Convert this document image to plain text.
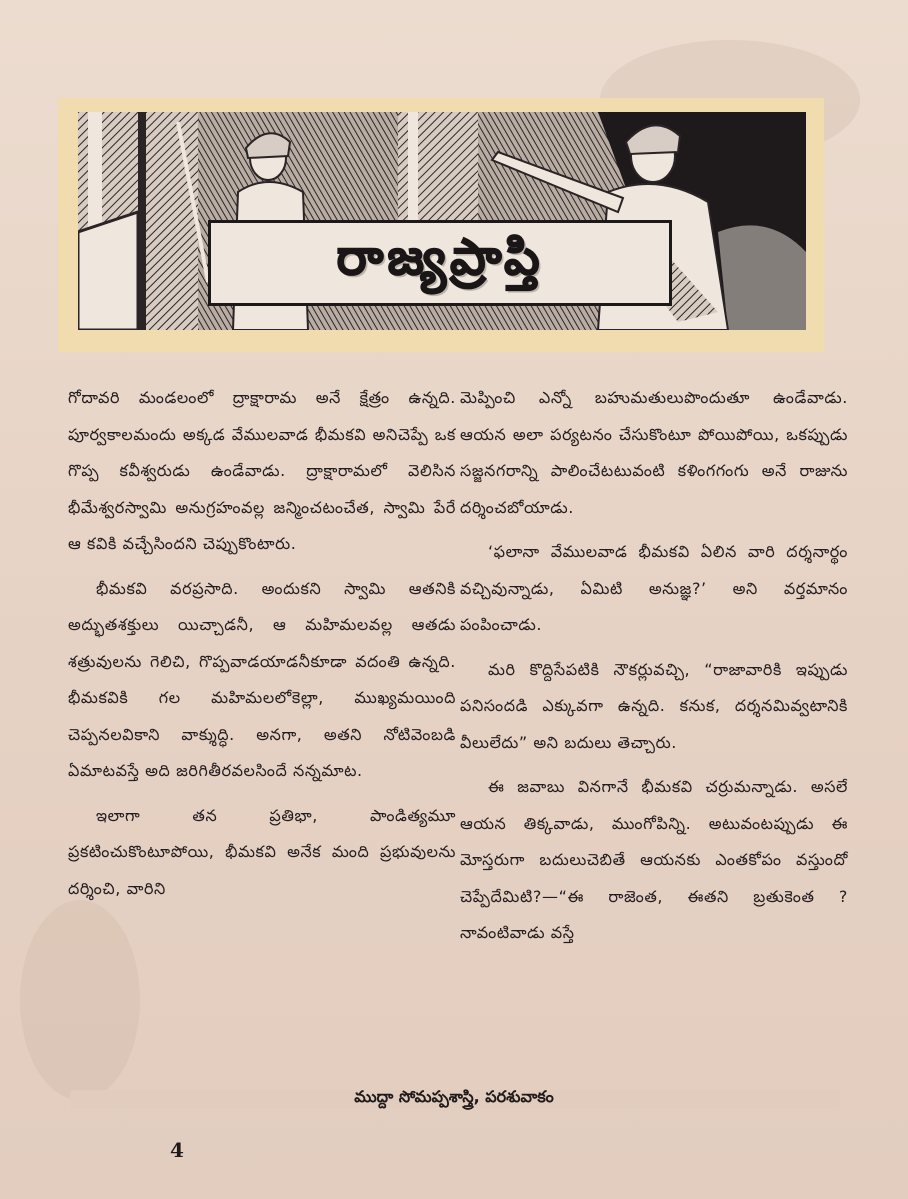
రాజ్యప్రాప్తి

గోదావరి మండలంలో ద్రాక్షారామ అనే క్షేత్రం ఉన్నది. పూర్వకాలమందు అక్కడ వేములవాడ భీమకవి అనిచెప్పే ఒక గొప్ప కవీశ్వరుడు ఉండేవాడు. ద్రాక్షారామలో వెలిసిన భీమేశ్వరస్వామి అనుగ్రహంవల్ల జన్మించటంచేత, స్వామి పేరే ఆ కవికి వచ్చేసిందని చెప్పుకొంటారు.

భీమకవి వరప్రసాది. అందుకని స్వామి ఆతనికి అద్భుతశక్తులు యిచ్చాడనీ, ఆ మహిమలవల్ల ఆతడు శత్రువులను గెలిచి, గొప్పవాడయాడనీకూడా వదంతి ఉన్నది. భీమకవికి గల మహిమలలోకెల్లా, ముఖ్యమయింది చెప్పనలవికాని వాక్శుద్ధి. అనగా, అతని నోటివెంబడి ఏమాటవస్తే అది జరిగితీరవలసిందే నన్నమాట.

ఇలాగా తన ప్రతిభా, పాండిత్యమూ ప్రకటించుకొంటూపోయి, భీమకవి అనేక మంది ప్రభువులను దర్శించి, వారిని

మెప్పించి ఎన్నో బహుమతులుపొందుతూ ఉండేవాడు. ఆయన అలా పర్యటనం చేసుకొంటూ పోయిపోయి, ఒకప్పుడు సజ్జనగరాన్ని పాలించేటటువంటి కళింగగంగు అనే రాజును దర్శించబోయాడు.

‘ఫలానా వేములవాడ భీమకవి ఏలిన వారి దర్శనార్థం వచ్చివున్నాడు, ఏమిటి అనుజ్ఞ?’ అని వర్తమానం పంపించాడు.

మరి కొద్దిసేపటికి నౌకర్లువచ్చి, “రాజావారికి ఇప్పుడు పనిసందడి ఎక్కువగా ఉన్నది. కనుక, దర్శనమివ్వటానికి వీలులేదు” అని బదులు తెచ్చారు.

ఈ జవాబు వినగానే భీమకవి చర్రుమన్నాడు. అసలే ఆయన తిక్కవాడు, ముంగోపిన్ని. అటువంటప్పుడు ఈ మోస్తరుగా బదులుచెబితే ఆయనకు ఎంతకోపం వస్తుందో చెప్పేదేమిటి?—“ఈ రాజెంత, ఈతని బ్రతుకెంత ? నావంటివాడు వస్తే

ముద్దా సోమప్పశాస్త్రి, పరశువాకం
4
